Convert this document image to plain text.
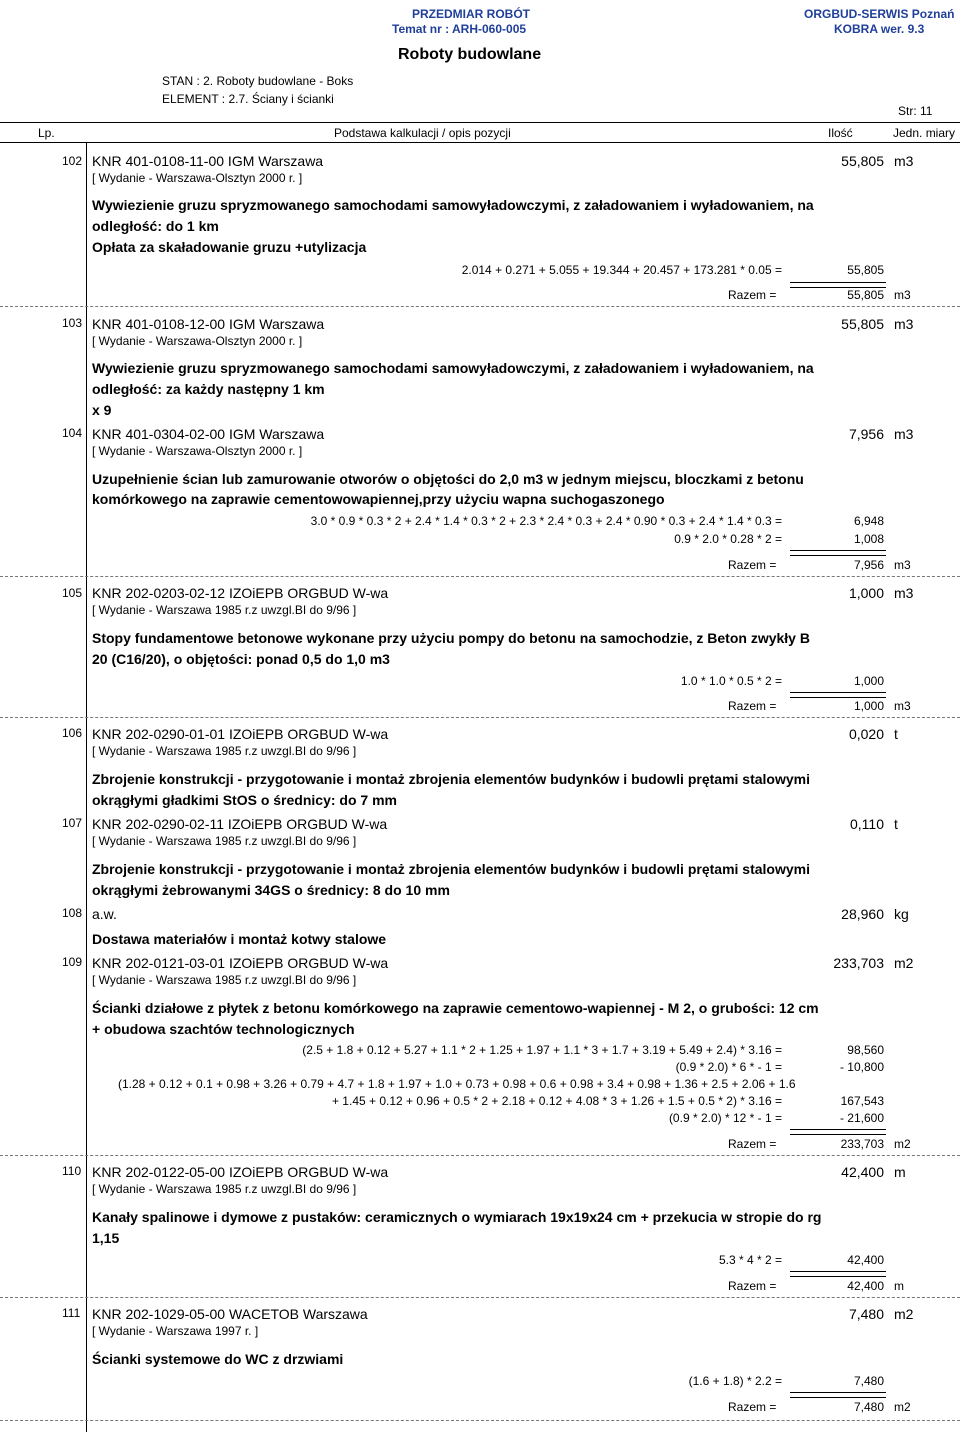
PRZEDMIAR ROBÓT
Temat nr : ARH-060-005
ORGBUD-SERWIS Poznań
KOBRA wer. 9.3
Roboty budowlane
STAN : 2. Roboty budowlane - Boks
ELEMENT : 2.7. Ściany i ścianki
Str: 11
Lp.	Podstawa kalkulacji / opis pozycji	Ilość	Jedn. miary
102 KNR 401-0108-11-00 IGM Warszawa
[ Wydanie - Warszawa-Olsztyn 2000 r. ]
55,805 m3
Wywiezienie gruzu spryzmowanego samochodami samowyładowczymi, z załadowaniem i wyładowaniem, na
odległość: do 1 km
Opłata za skaładowanie gruzu +utylizacja
2.014 + 0.271 + 5.055 + 19.344 + 20.457 + 173.281 * 0.05 =	55,805
Razem =	55,805 m3
103 KNR 401-0108-12-00 IGM Warszawa
[ Wydanie - Warszawa-Olsztyn 2000 r. ]
55,805 m3
Wywiezienie gruzu spryzmowanego samochodami samowyładowczymi, z załadowaniem i wyładowaniem, na
odległość: za każdy następny 1 km
x 9
104 KNR 401-0304-02-00 IGM Warszawa
[ Wydanie - Warszawa-Olsztyn 2000 r. ]
7,956 m3
Uzupełnienie ścian lub zamurowanie otworów o objętości do 2,0 m3 w jednym miejscu, bloczkami z betonu
komórkowego na zaprawie cementowowapiennej,przy użyciu wapna suchogaszonego
3.0 * 0.9 * 0.3 * 2 + 2.4 * 1.4 * 0.3 * 2 + 2.3 * 2.4 * 0.3 + 2.4 * 0.90 * 0.3 + 2.4 * 1.4 * 0.3 =	6,948
0.9 * 2.0 * 0.28 * 2 =	1,008
Razem =	7,956 m3
105 KNR 202-0203-02-12 IZOiEPB ORGBUD W-wa
[ Wydanie - Warszawa 1985 r.z uwzgl.BI do 9/96 ]
1,000 m3
Stopy fundamentowe betonowe wykonane przy użyciu pompy do betonu na samochodzie, z Beton zwykły B
20 (C16/20), o objętości: ponad 0,5 do 1,0 m3
1.0 * 1.0 * 0.5 * 2 =	1,000
Razem =	1,000 m3
106 KNR 202-0290-01-01 IZOiEPB ORGBUD W-wa
[ Wydanie - Warszawa 1985 r.z uwzgl.BI do 9/96 ]
0,020 t
Zbrojenie konstrukcji - przygotowanie i montaż zbrojenia elementów budynków i budowli prętami stalowymi
okrągłymi gładkimi StOS o średnicy: do 7 mm
107 KNR 202-0290-02-11 IZOiEPB ORGBUD W-wa
[ Wydanie - Warszawa 1985 r.z uwzgl.BI do 9/96 ]
0,110 t
Zbrojenie konstrukcji - przygotowanie i montaż zbrojenia elementów budynków i budowli prętami stalowymi
okrągłymi żebrowanymi 34GS o średnicy: 8 do 10 mm
108 a.w.	28,960 kg
Dostawa materiałów i montaż kotwy stalowe
109 KNR 202-0121-03-01 IZOiEPB ORGBUD W-wa
[ Wydanie - Warszawa 1985 r.z uwzgl.BI do 9/96 ]
233,703 m2
Ścianki działowe z płytek z betonu komórkowego na zaprawie cementowo-wapiennej - M 2, o grubości: 12 cm
+ obudowa szachtów technologicznych
(2.5 + 1.8 + 0.12 + 5.27 + 1.1 * 2 + 1.25 + 1.97 + 1.1 * 3 + 1.7 + 3.19 + 5.49 + 2.4) * 3.16 =	98,560
(0.9 * 2.0) * 6 * - 1 =	- 10,800
(1.28 + 0.12 + 0.1 + 0.98 + 3.26 + 0.79 + 4.7 + 1.8 + 1.97 + 1.0 + 0.73 + 0.98 + 0.6 + 0.98 + 3.4 + 0.98 + 1.36 + 2.5 + 2.06 + 1.6
+ 1.45 + 0.12 + 0.96 + 0.5 * 2 + 2.18 + 0.12 + 4.08 * 3 + 1.26 + 1.5 + 0.5 * 2) * 3.16 =	167,543
(0.9 * 2.0) * 12 * - 1 =	- 21,600
Razem =	233,703 m2
110 KNR 202-0122-05-00 IZOiEPB ORGBUD W-wa
[ Wydanie - Warszawa 1985 r.z uwzgl.BI do 9/96 ]
42,400 m
Kanały spalinowe i dymowe z pustaków: ceramicznych o wymiarach 19x19x24 cm + przekucia w stropie do rg
1,15
5.3 * 4 * 2 =	42,400
Razem =	42,400 m
111 KNR 202-1029-05-00 WACETOB Warszawa
[ Wydanie - Warszawa 1997 r. ]
7,480 m2
Ścianki systemowe do WC z drzwiami
(1.6 + 1.8) * 2.2 =	7,480
Razem =	7,480 m2
